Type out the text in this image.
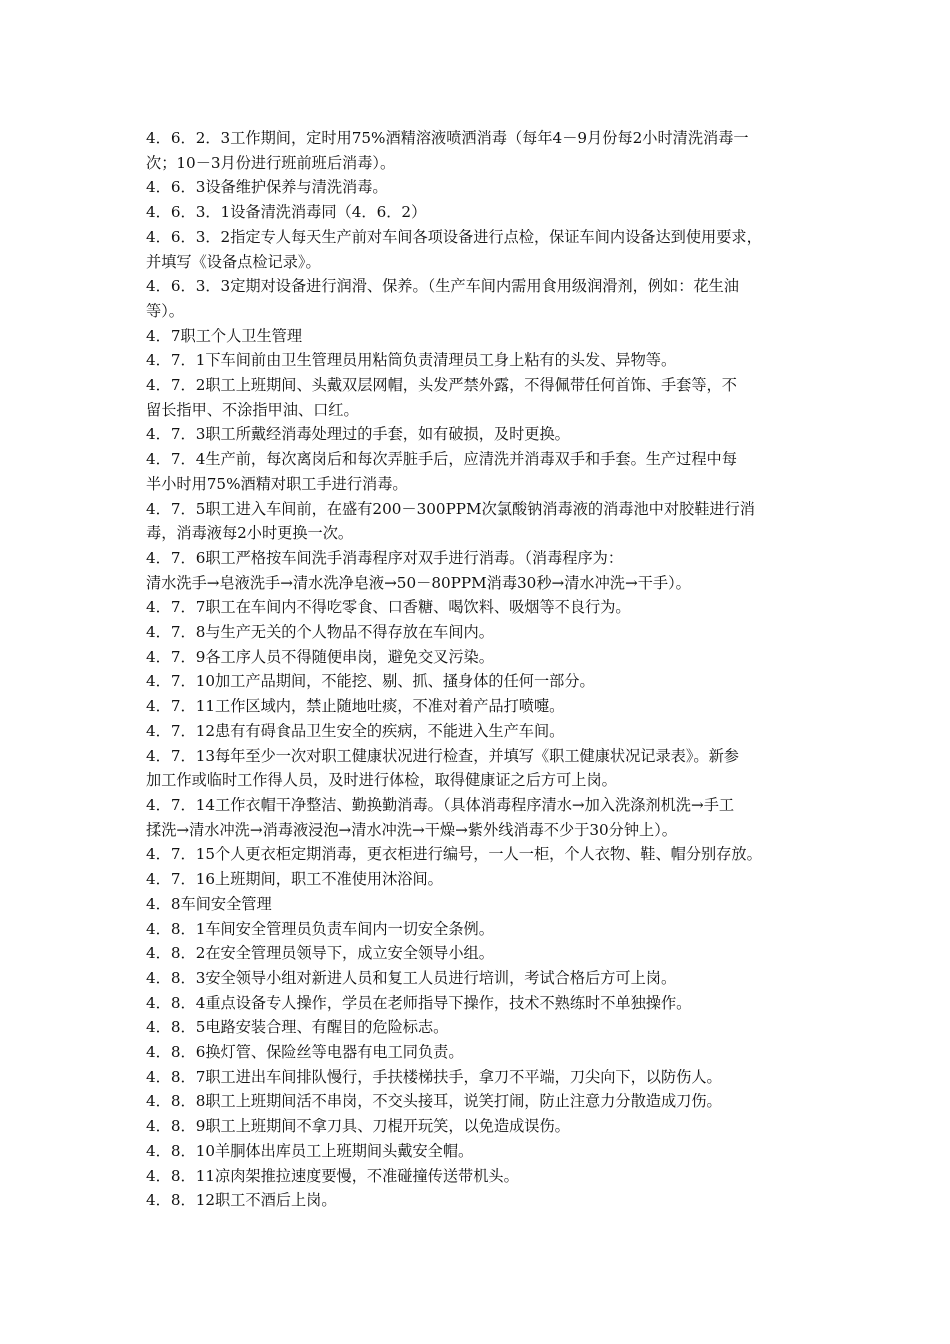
4．6．2．3工作期间，定时用75%酒精溶液喷洒消毒（每年4－9月份每2小时清洗消毒一
次；10－3月份进行班前班后消毒）。
4．6．3设备维护保养与清洗消毒。
4．6．3．1设备清洗消毒同（4．6．2）
4．6．3．2指定专人每天生产前对车间各项设备进行点检，保证车间内设备达到使用要求，
并填写《设备点检记录》。
4．6．3．3定期对设备进行润滑、保养。（生产车间内需用食用级润滑剂，例如：花生油
等）。
4．7职工个人卫生管理
4．7．1下车间前由卫生管理员用粘筒负责清理员工身上粘有的头发、异物等。
4．7．2职工上班期间、头戴双层网帽，头发严禁外露，不得佩带任何首饰、手套等，不
留长指甲、不涂指甲油、口红。
4．7．3职工所戴经消毒处理过的手套，如有破损，及时更换。
4．7．4生产前，每次离岗后和每次弄脏手后，应清洗并消毒双手和手套。生产过程中每
半小时用75%酒精对职工手进行消毒。
4．7．5职工进入车间前，在盛有200－300PPM次氯酸钠消毒液的消毒池中对胶鞋进行消
毒，消毒液每2小时更换一次。
4．7．6职工严格按车间洗手消毒程序对双手进行消毒。（消毒程序为：
清水洗手→皂液洗手→清水洗净皂液→50－80PPM消毒30秒→清水冲洗→干手）。
4．7．7职工在车间内不得吃零食、口香糖、喝饮料、吸烟等不良行为。
4．7．8与生产无关的个人物品不得存放在车间内。
4．7．9各工序人员不得随便串岗，避免交叉污染。
4．7．10加工产品期间，不能挖、剔、抓、搔身体的任何一部分。
4．7．11工作区域内，禁止随地吐痰，不准对着产品打喷嚏。
4．7．12患有有碍食品卫生安全的疾病，不能进入生产车间。
4．7．13每年至少一次对职工健康状况进行检查，并填写《职工健康状况记录表》。新参
加工作或临时工作得人员，及时进行体检，取得健康证之后方可上岗。
4．7．14工作衣帽干净整洁、勤换勤消毒。（具体消毒程序清水→加入洗涤剂机洗→手工
揉洗→清水冲洗→消毒液浸泡→清水冲洗→干燥→紫外线消毒不少于30分钟上）。
4．7．15个人更衣柜定期消毒，更衣柜进行编号，一人一柜，个人衣物、鞋、帽分别存放。
4．7．16上班期间，职工不准使用沐浴间。
4．8车间安全管理
4．8．1车间安全管理员负责车间内一切安全条例。
4．8．2在安全管理员领导下，成立安全领导小组。
4．8．3安全领导小组对新进人员和复工人员进行培训，考试合格后方可上岗。
4．8．4重点设备专人操作，学员在老师指导下操作，技术不熟练时不单独操作。
4．8．5电路安装合理、有醒目的危险标志。
4．8．6换灯管、保险丝等电器有电工同负责。
4．8．7职工进出车间排队慢行，手扶楼梯扶手，拿刀不平端，刀尖向下，以防伤人。
4．8．8职工上班期间活不串岗，不交头接耳，说笑打闹，防止注意力分散造成刀伤。
4．8．9职工上班期间不拿刀具、刀棍开玩笑，以免造成误伤。
4．8．10羊胴体出库员工上班期间头戴安全帽。
4．8．11凉肉架推拉速度要慢，不准碰撞传送带机头。
4．8．12职工不酒后上岗。
